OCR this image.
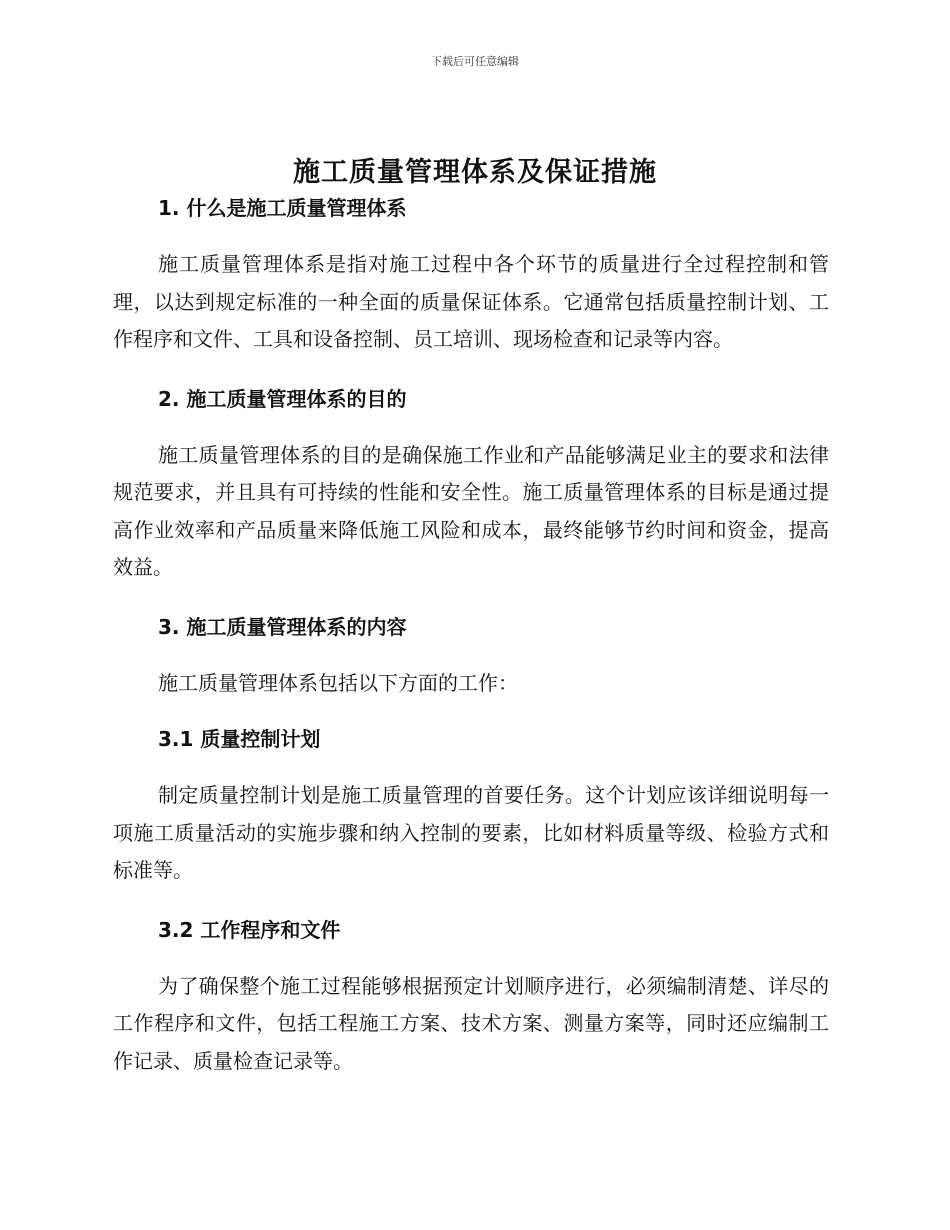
下载后可任意编辑
施工质量管理体系及保证措施
1. 什么是施工质量管理体系

施工质量管理体系是指对施工过程中各个环节的质量进行全过程控制和管理，以达到规定标准的一种全面的质量保证体系。它通常包括质量控制计划、工作程序和文件、工具和设备控制、员工培训、现场检查和记录等内容。

2. 施工质量管理体系的目的

施工质量管理体系的目的是确保施工作业和产品能够满足业主的要求和法律规范要求，并且具有可持续的性能和安全性。施工质量管理体系的目标是通过提高作业效率和产品质量来降低施工风险和成本，最终能够节约时间和资金，提高效益。

3. 施工质量管理体系的内容

施工质量管理体系包括以下方面的工作：

3.1 质量控制计划

制定质量控制计划是施工质量管理的首要任务。这个计划应该详细说明每一项施工质量活动的实施步骤和纳入控制的要素，比如材料质量等级、检验方式和标准等。

3.2 工作程序和文件

为了确保整个施工过程能够根据预定计划顺序进行，必须编制清楚、详尽的工作程序和文件，包括工程施工方案、技术方案、测量方案等，同时还应编制工作记录、质量检查记录等。
